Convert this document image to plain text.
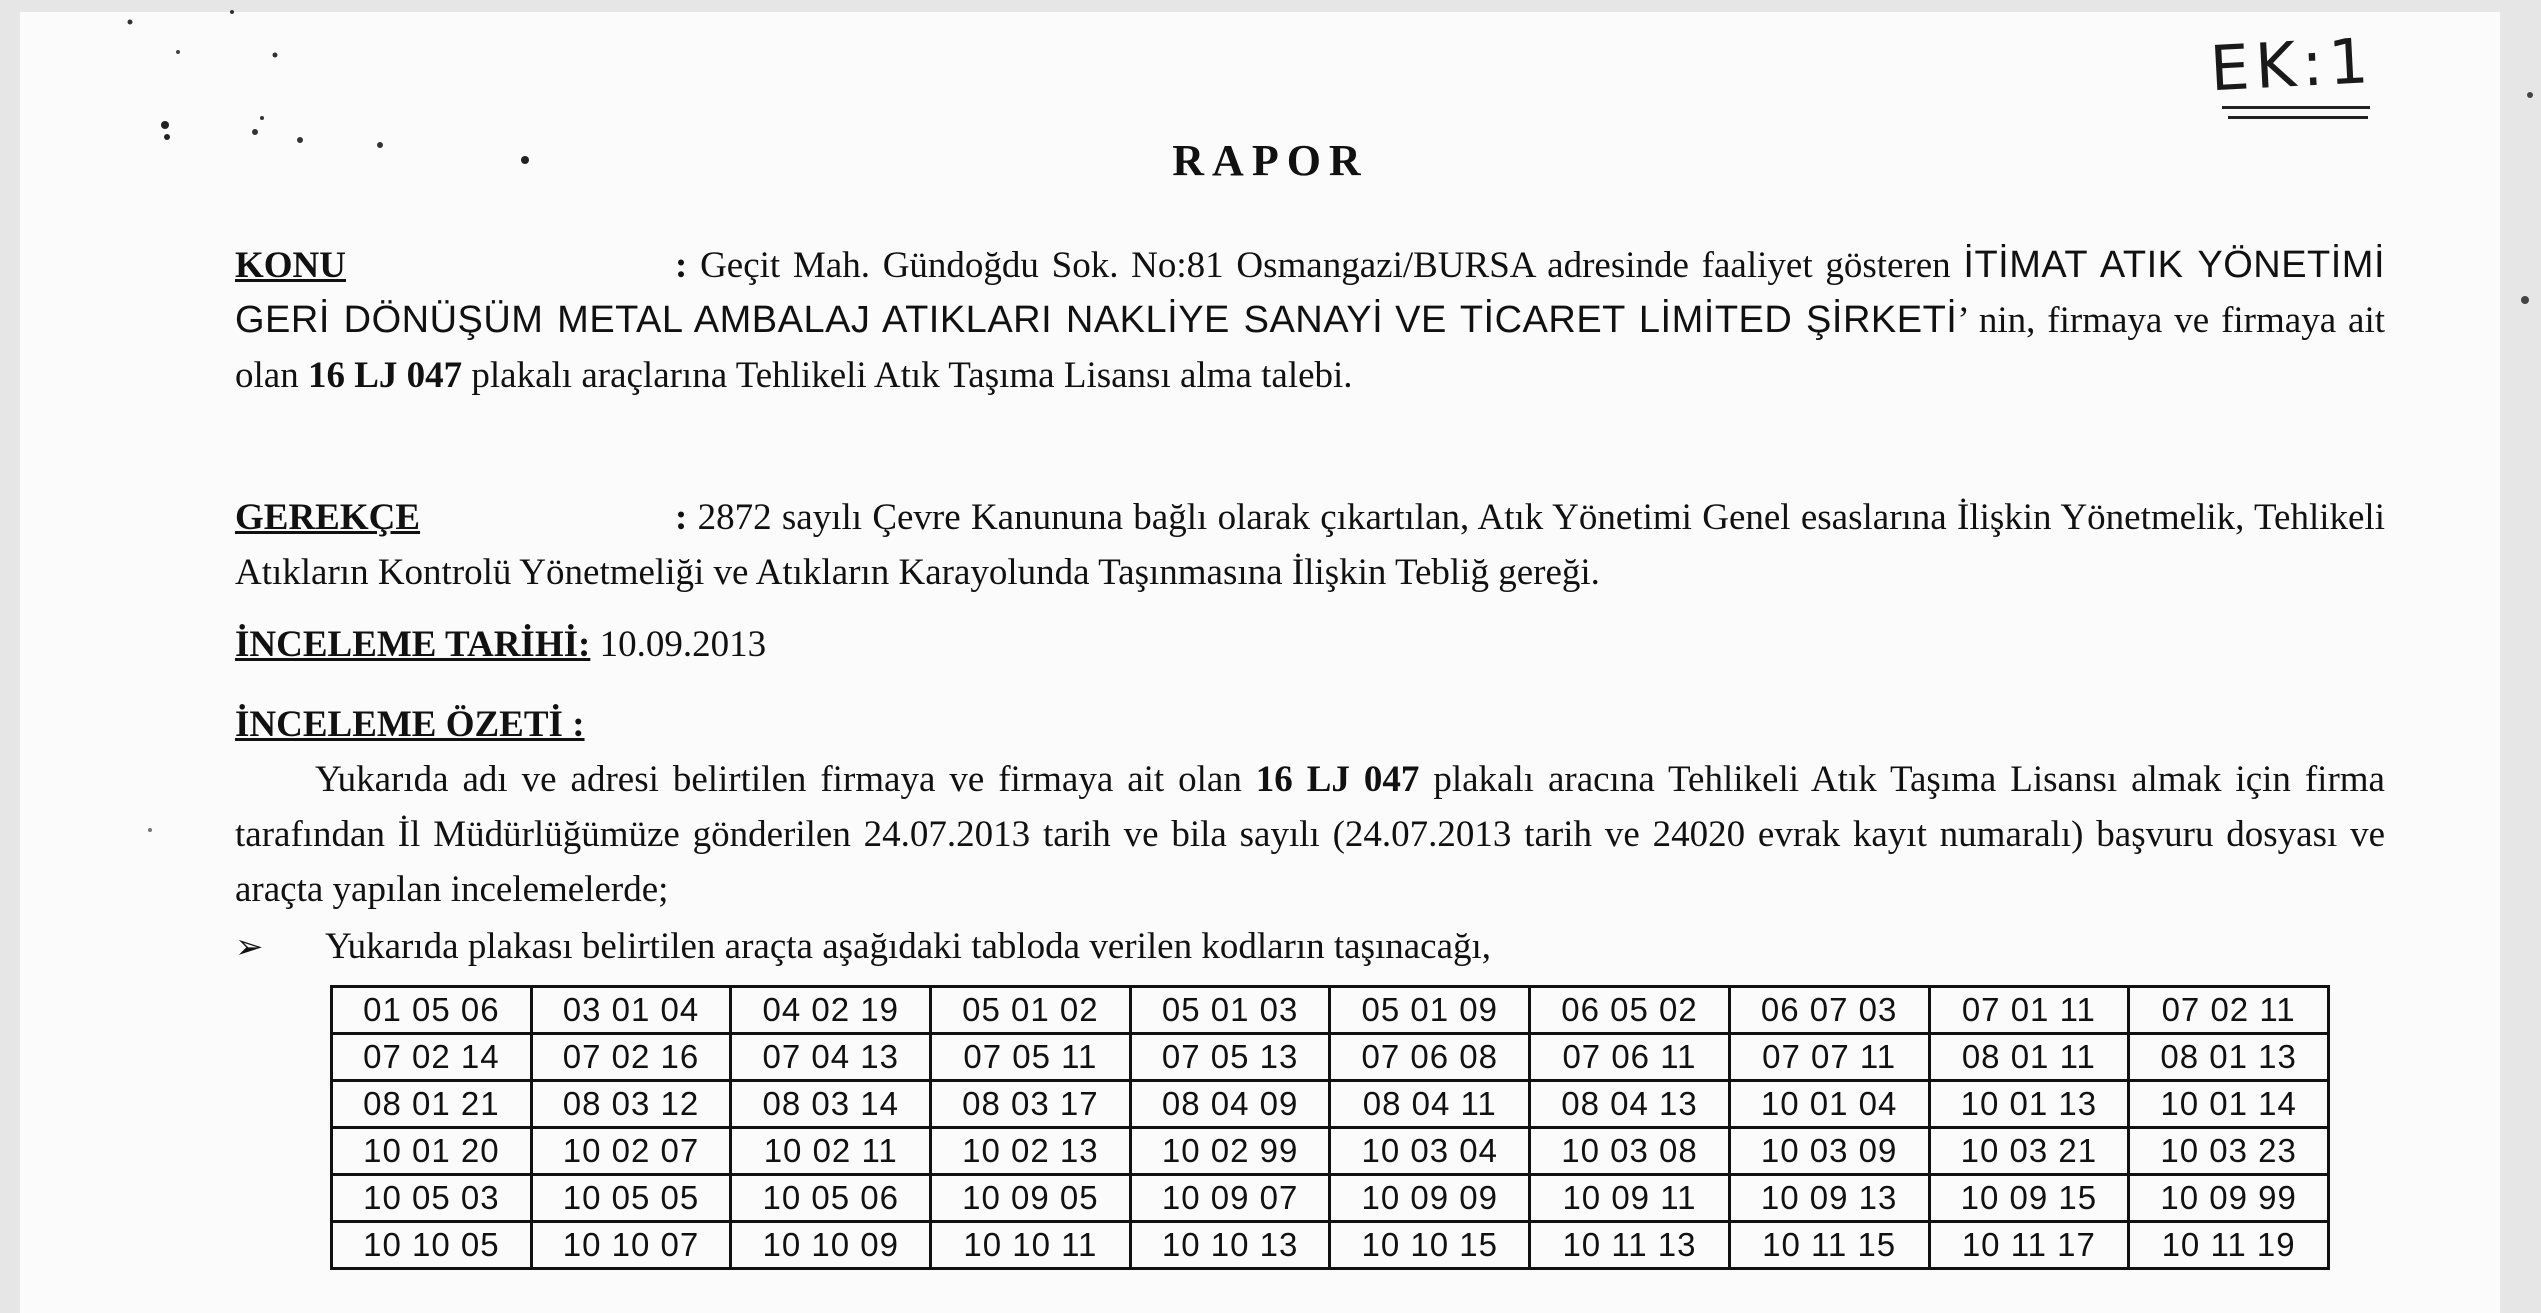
EK:1
RAPOR

KONU	: Geçit Mah. Gündoğdu Sok. No:81 Osmangazi/BURSA adresinde faaliyet gösteren İTİMAT ATIK YÖNETİMİ GERİ DÖNÜŞÜM METAL AMBALAJ ATIKLARI NAKLİYE SANAYİ VE TİCARET LİMİTED ŞİRKETİ’ nin, firmaya ve firmaya ait olan 16 LJ 047 plakalı araçlarına Tehlikeli Atık Taşıma Lisansı alma talebi.

GEREKÇE	: 2872 sayılı Çevre Kanununa bağlı olarak çıkartılan, Atık Yönetimi Genel esaslarına İlişkin Yönetmelik, Tehlikeli Atıkların Kontrolü Yönetmeliği ve Atıkların Karayolunda Taşınmasına İlişkin Tebliğ gereği.

İNCELEME TARİHİ: 10.09.2013

İNCELEME ÖZETİ :

Yukarıda adı ve adresi belirtilen firmaya ve firmaya ait olan 16 LJ 047 plakalı aracına Tehlikeli Atık Taşıma Lisansı almak için firma tarafından İl Müdürlüğümüze gönderilen 24.07.2013 tarih ve bila sayılı (24.07.2013 tarih ve 24020 evrak kayıt numaralı) başvuru dosyası ve araçta yapılan incelemelerde;

➢ Yukarıda plakası belirtilen araçta aşağıdaki tabloda verilen kodların taşınacağı,
01 05 06	03 01 04	04 02 19	05 01 02	05 01 03	05 01 09	06 05 02	06 07 03	07 01 11	07 02 11
07 02 14	07 02 16	07 04 13	07 05 11	07 05 13	07 06 08	07 06 11	07 07 11	08 01 11	08 01 13
08 01 21	08 03 12	08 03 14	08 03 17	08 04 09	08 04 11	08 04 13	10 01 04	10 01 13	10 01 14
10 01 20	10 02 07	10 02 11	10 02 13	10 02 99	10 03 04	10 03 08	10 03 09	10 03 21	10 03 23
10 05 03	10 05 05	10 05 06	10 09 05	10 09 07	10 09 09	10 09 11	10 09 13	10 09 15	10 09 99
10 10 05	10 10 07	10 10 09	10 10 11	10 10 13	10 10 15	10 11 13	10 11 15	10 11 17	10 11 19
